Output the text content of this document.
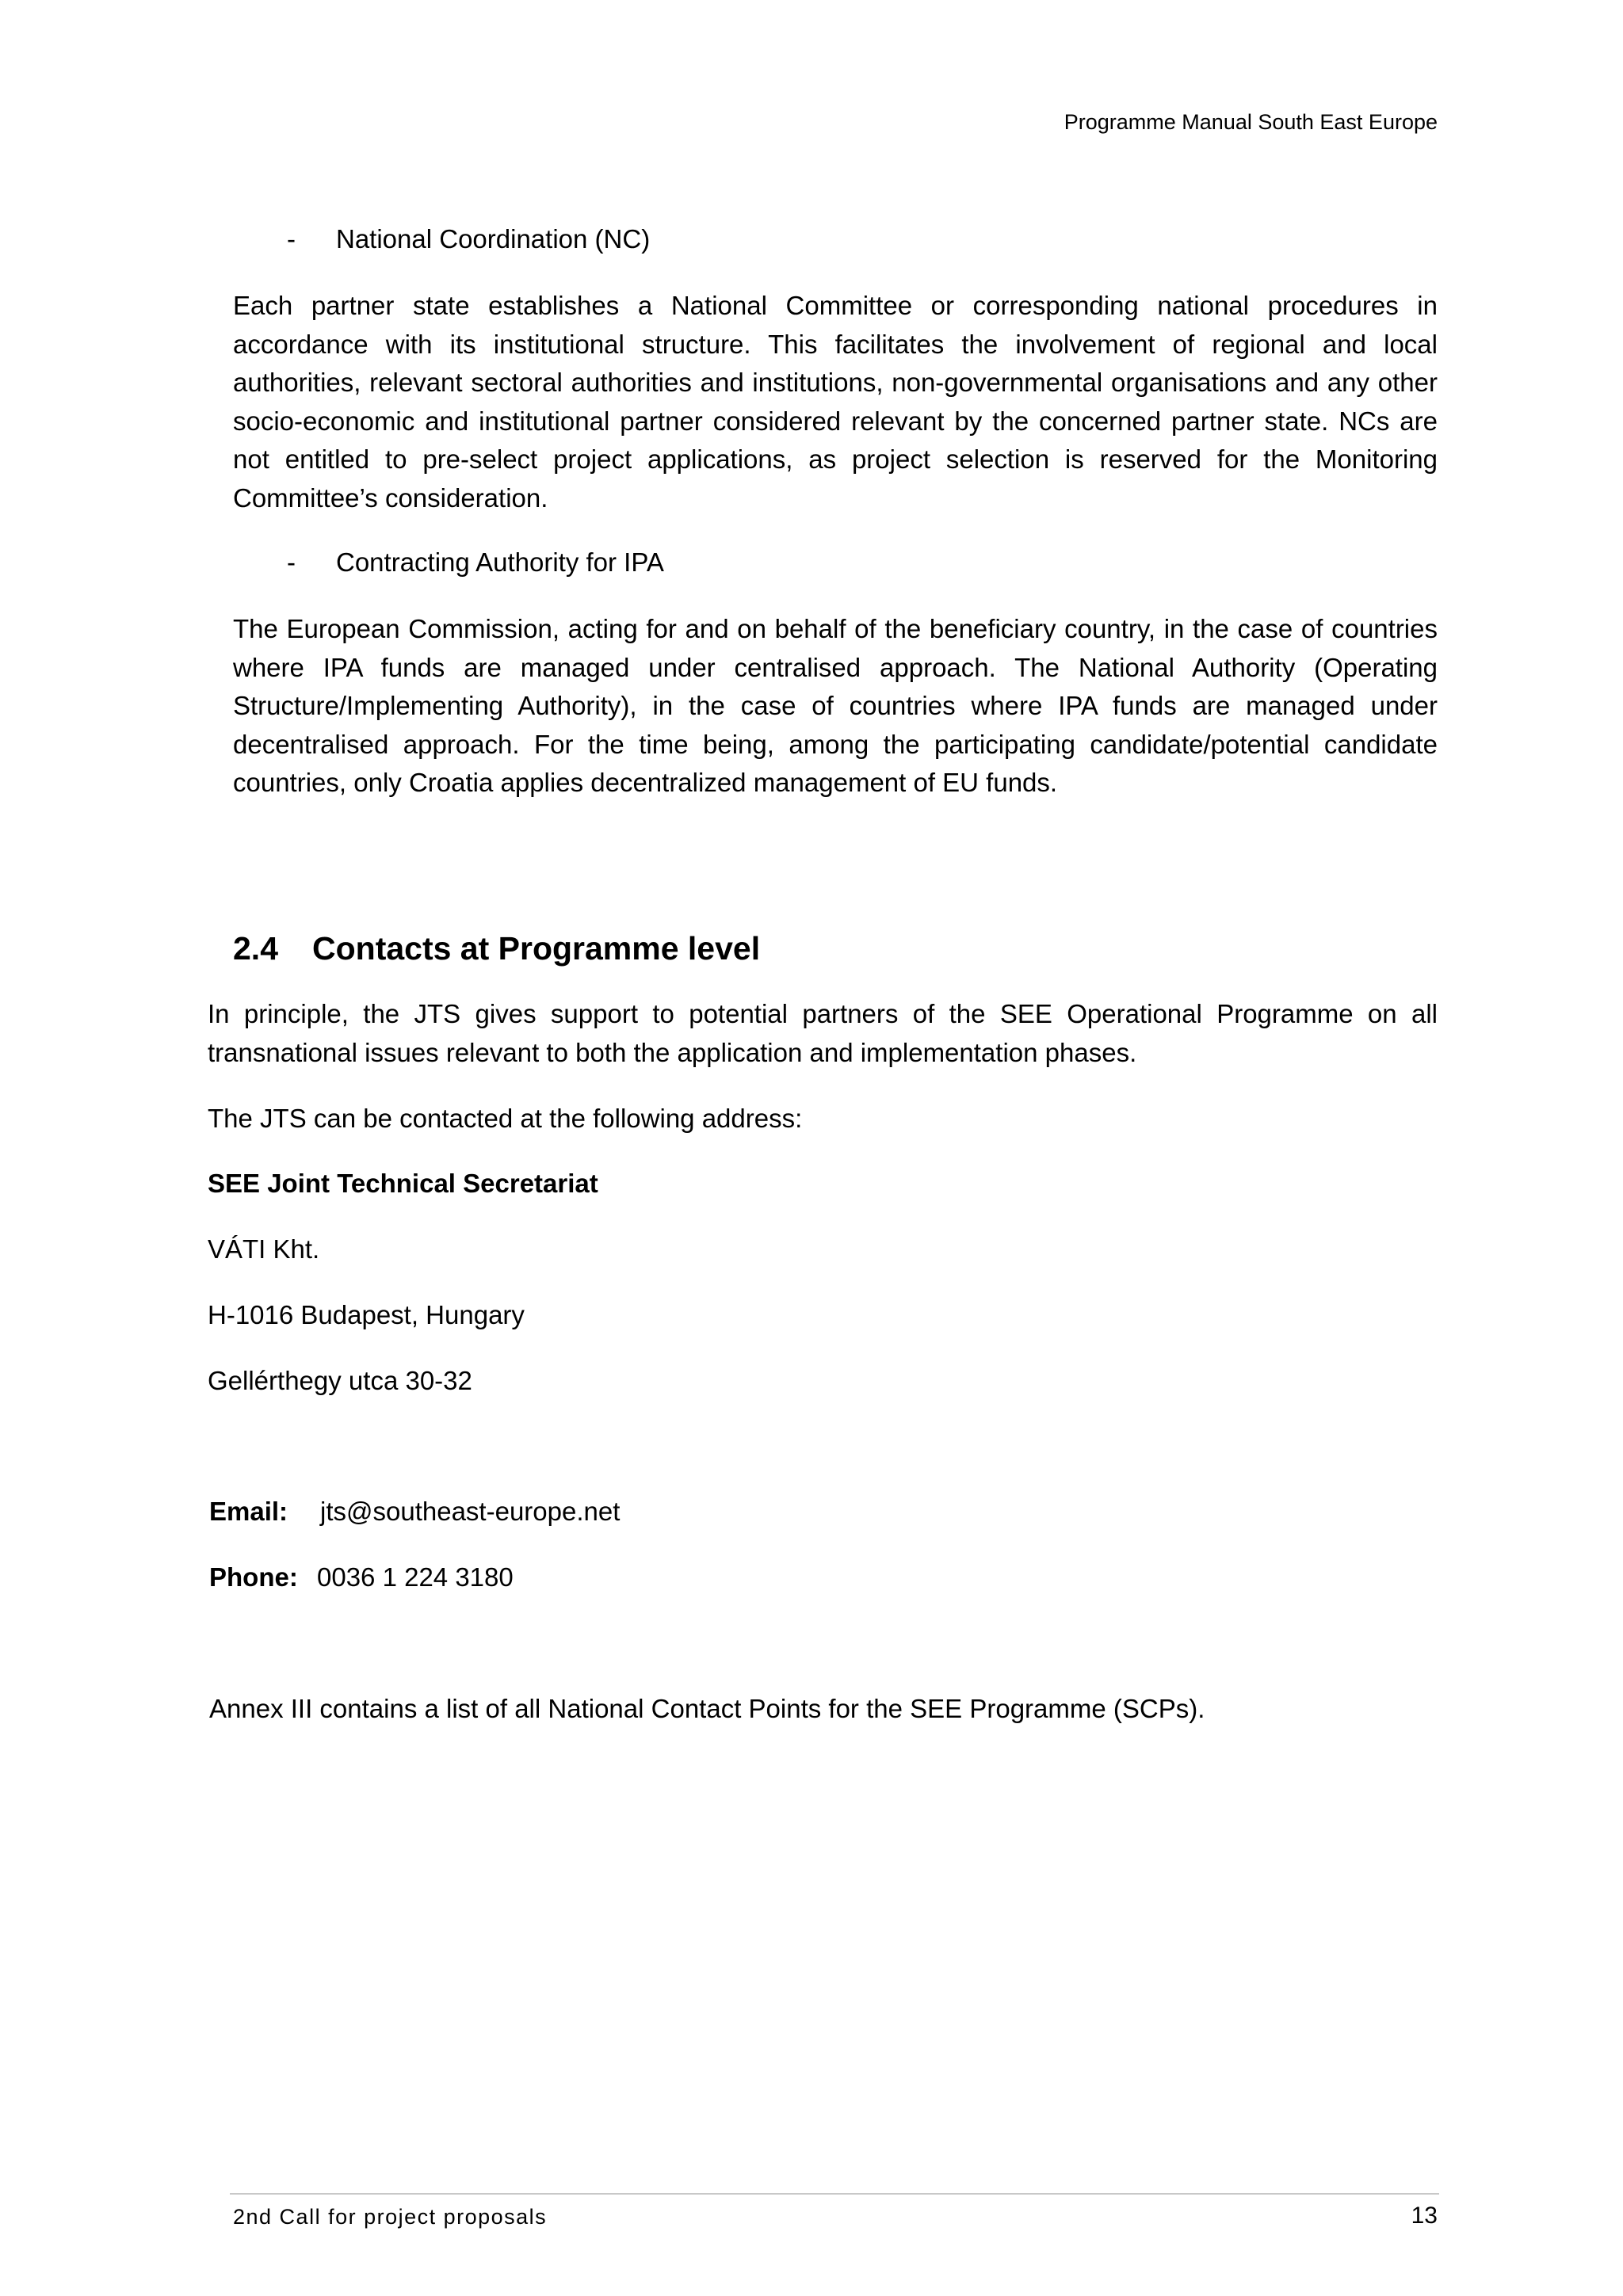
Programme Manual South East Europe
- National Coordination (NC)

Each partner state establishes a National Committee or corresponding national procedures in accordance with its institutional structure. This facilitates the involvement of regional and local authorities, relevant sectoral authorities and institutions, non-governmental organisations and any other socio-economic and institutional partner considered relevant by the concerned partner state. NCs are not entitled to pre-select project applications, as project selection is reserved for the Monitoring Committee’s consideration.

- Contracting Authority for IPA

The European Commission, acting for and on behalf of the beneficiary country, in the case of countries where IPA funds are managed under centralised approach. The National Authority (Operating Structure/Implementing Authority), in the case of countries where IPA funds are managed under decentralised approach. For the time being, among the participating candidate/potential candidate countries, only Croatia applies decentralized management of EU funds.

2.4 Contacts at Programme level

In principle, the JTS gives support to potential partners of the SEE Operational Programme on all transnational issues relevant to both the application and implementation phases.

The JTS can be contacted at the following address:
SEE Joint Technical Secretariat
VÁTI Kht.
H-1016 Budapest, Hungary
Gellérthegy utca 30-32
Email: jts@southeast-europe.net
Phone: 0036 1 224 3180
Annex III contains a list of all National Contact Points for the SEE Programme (SCPs).
2nd Call for project proposals	13
